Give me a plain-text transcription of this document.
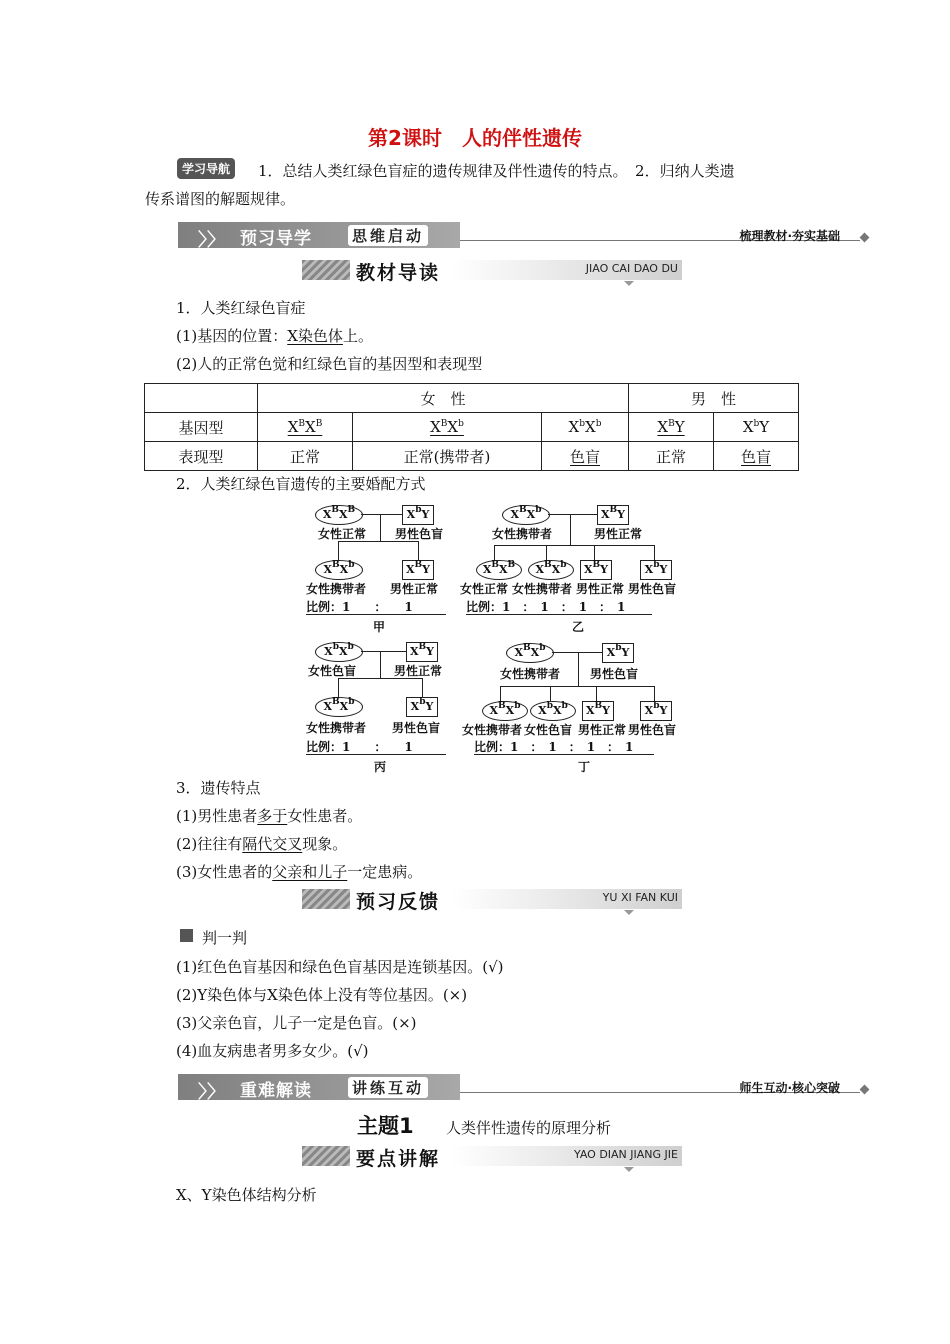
第2课时　人的伴性遗传
学习导航	1．总结人类红绿色盲症的遗传规律及伴性遗传的特点。　2．归纳人类遗
传系谱图的解题规律。
〉〉 预习导学	思维启动	梳理教材·夯实基础
教材导读	JIAO CAI DAO DU
1．人类红绿色盲症
(1)基因的位置：X染色体上。
(2)人的正常色觉和红绿色盲的基因型和表现型
	女　性			男　性	
基因型	$X^BX^B$	$X^BX^b$	$X^bX^b$	$X^BY$	$X^bY$
表现型	正常	正常(携带者)	色盲	正常	色盲
2．人类红绿色盲遗传的主要婚配方式
$X^BX^B$	$X^bY$
女性正常 男性色盲
$X^BX^b$	$X^BY$
女性携带者 男性正常
比例：1　　：　　1
甲
$X^BX^b$	$X^BY$
女性携带者	男性正常
$X^BX^B$	$X^BX^b$	$X^BY$	$X^bY$
女性正常 女性携带者 男性正常 男性色盲
比例：1　：　1　：　1　：　1
乙
$X^bX^b$	$X^BY$
女性色盲	男性正常
$X^BX^b$	$X^bY$
女性携带者 男性色盲
比例：1　　：　　1
丙
$X^BX^b$	$X^bY$
女性携带者 男性色盲
$X^BX^b$	$X^bX^b$	$X^BY$	$X^bY$
女性携带者 女性色盲 男性正常 男性色盲
比例：1　：　1　：　1　：　1
丁
3．遗传特点
(1)男性患者多于女性患者。
(2)往往有隔代交叉现象。
(3)女性患者的父亲和儿子一定患病。
预习反馈	YU XI FAN KUI
判一判
(1)红色色盲基因和绿色色盲基因是连锁基因。(√)
(2)Y染色体与X染色体上没有等位基因。(×)
(3)父亲色盲，儿子一定是色盲。(×)
(4)血友病患者男多女少。(√)
〉〉 重难解读	讲练互动	师生互动·核心突破
主题1 人类伴性遗传的原理分析
要点讲解	YAO DIAN JIANG JIE
X、Y染色体结构分析
